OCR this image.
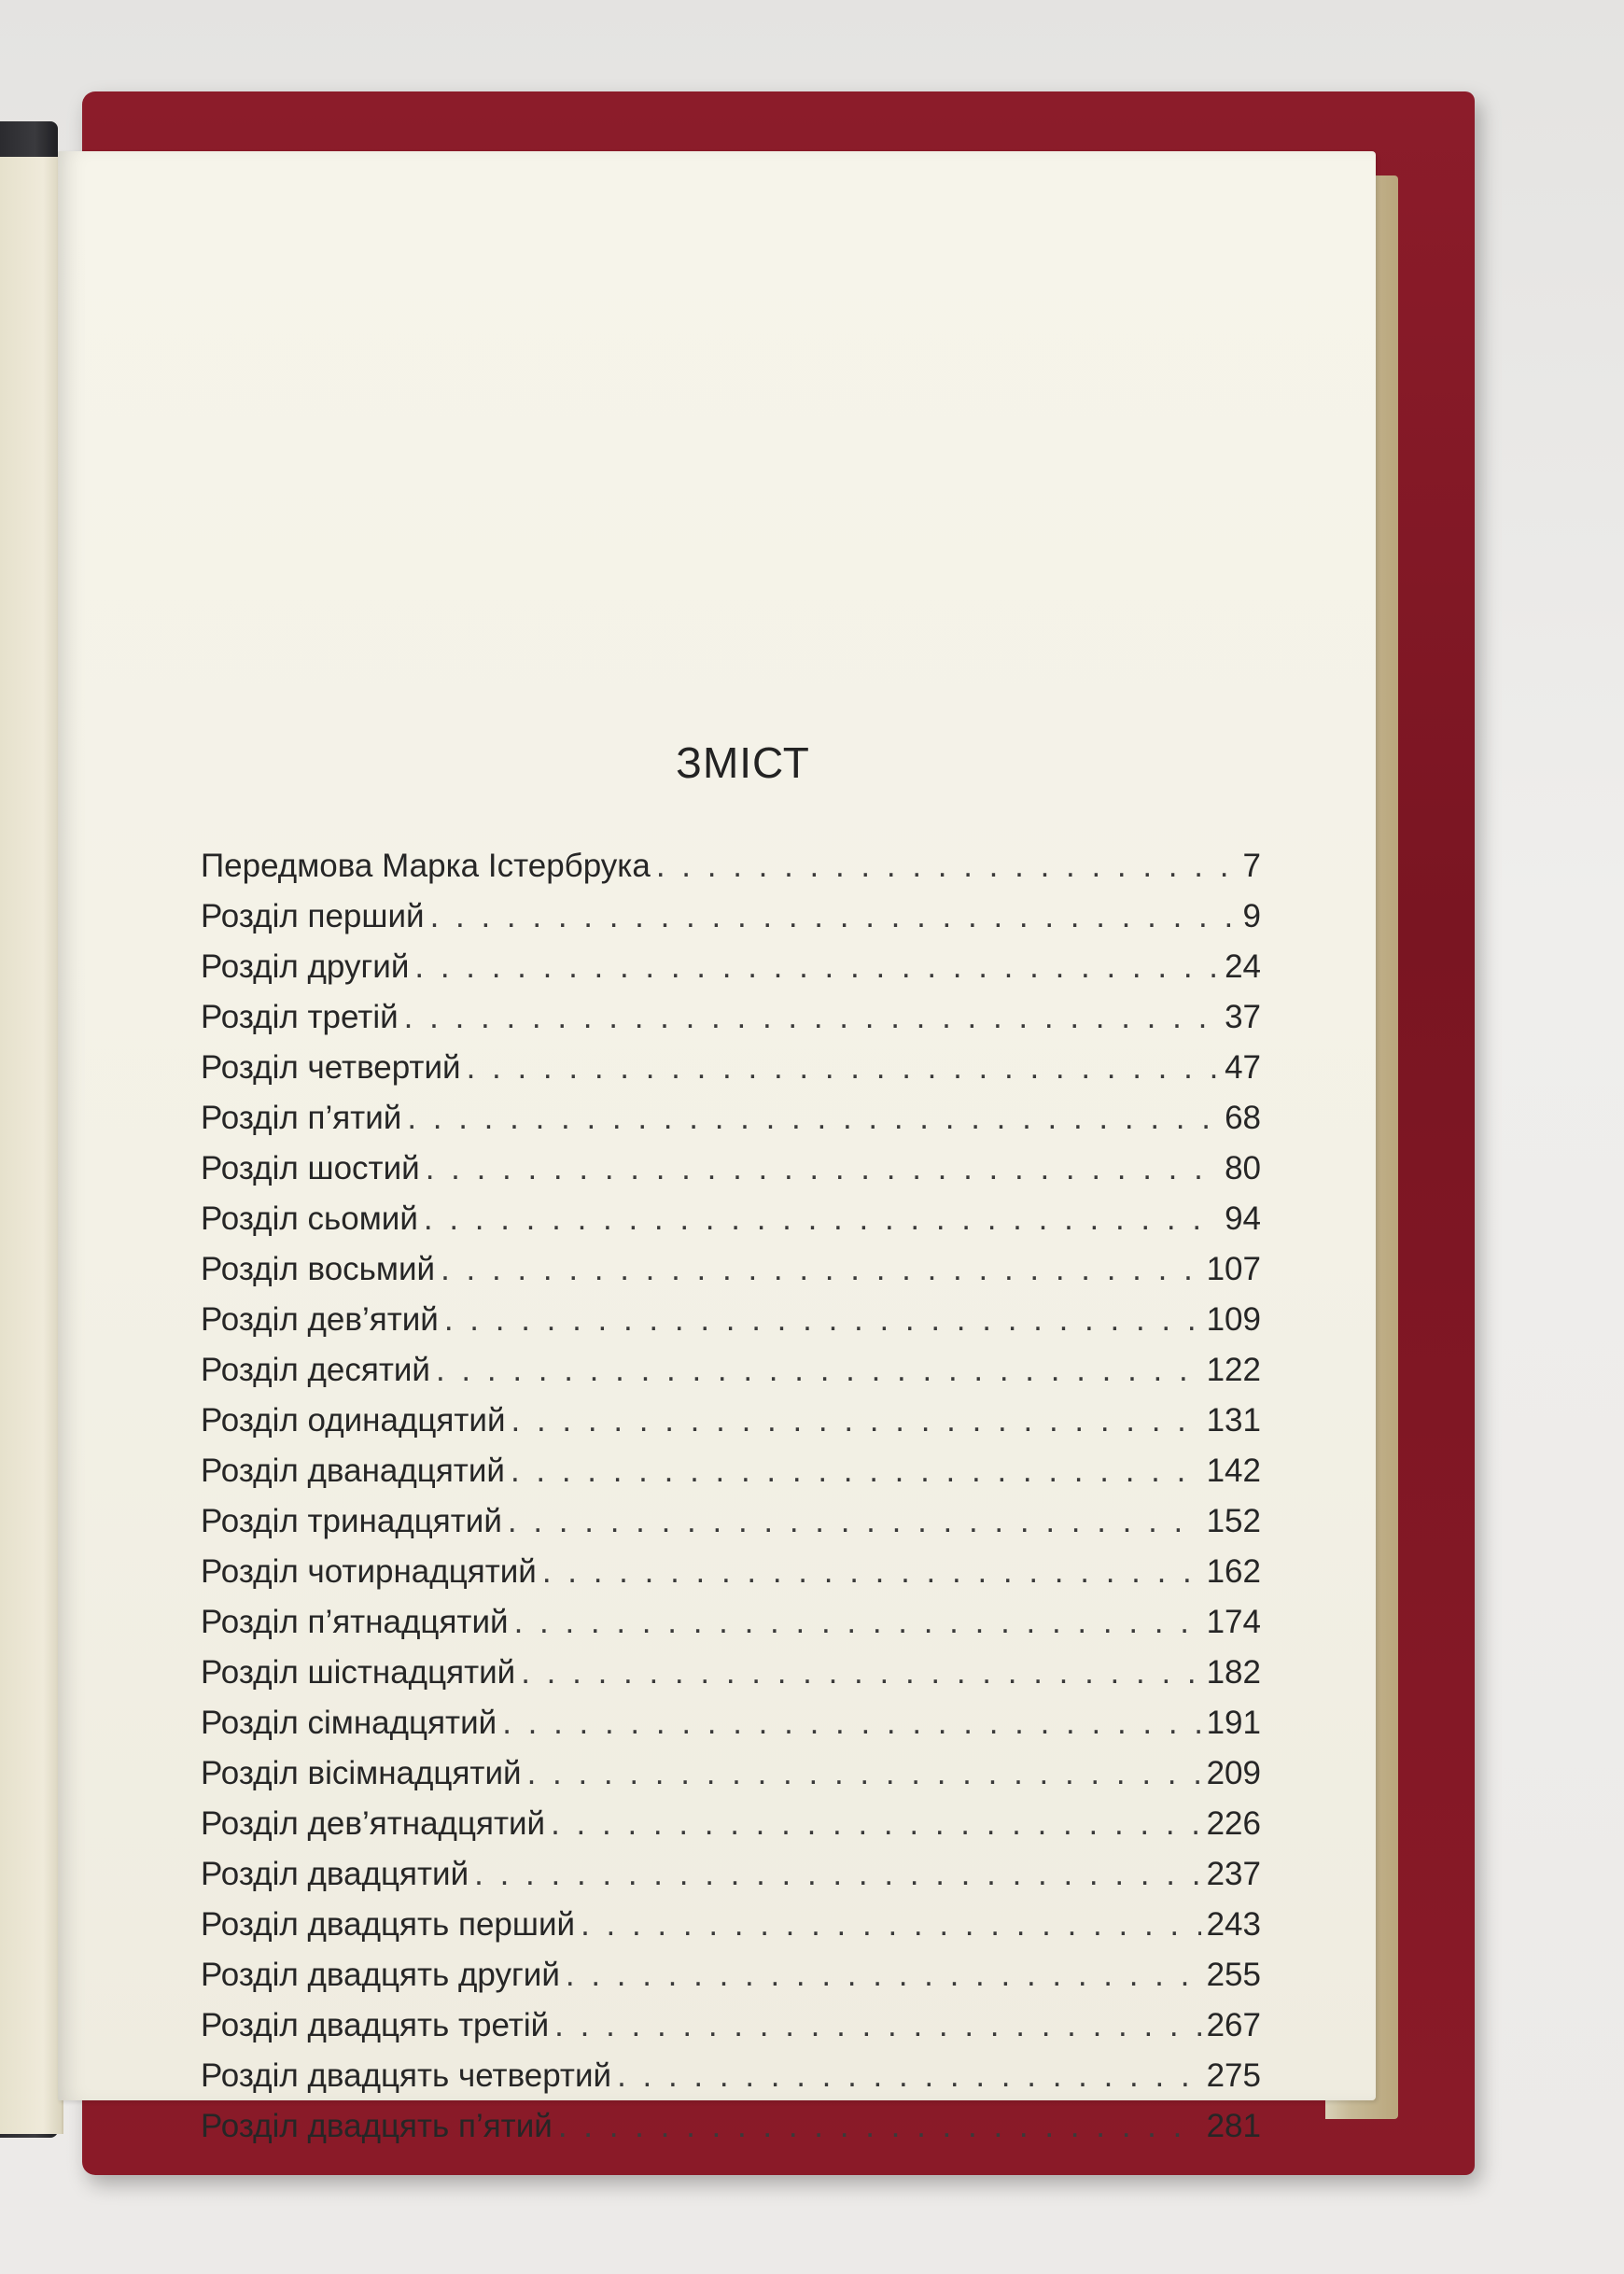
ЗМІСТ
Передмова Марка Істербрука . . .	7
Розділ перший . . .	9
Розділ другий . . .	24
Розділ третій . . .	37
Розділ четвертий . . .	47
Розділ п’ятий . . .	68
Розділ шостий . . .	80
Розділ сьомий . . .	94
Розділ восьмий . . .	107
Розділ дев’ятий . . .	109
Розділ десятий . . .	122
Розділ одинадцятий . . .	131
Розділ дванадцятий . . .	142
Розділ тринадцятий . . .	152
Розділ чотирнадцятий . . .	162
Розділ п’ятнадцятий . . .	174
Розділ шістнадцятий . . .	182
Розділ сімнадцятий . . .	191
Розділ вісімнадцятий . . .	209
Розділ дев’ятнадцятий . . .	226
Розділ двадцятий . . .	237
Розділ двадцять перший . . .	243
Розділ двадцять другий . . .	255
Розділ двадцять третій . . .	267
Розділ двадцять четвертий . . .	275
Розділ двадцять п’ятий . . .	281
